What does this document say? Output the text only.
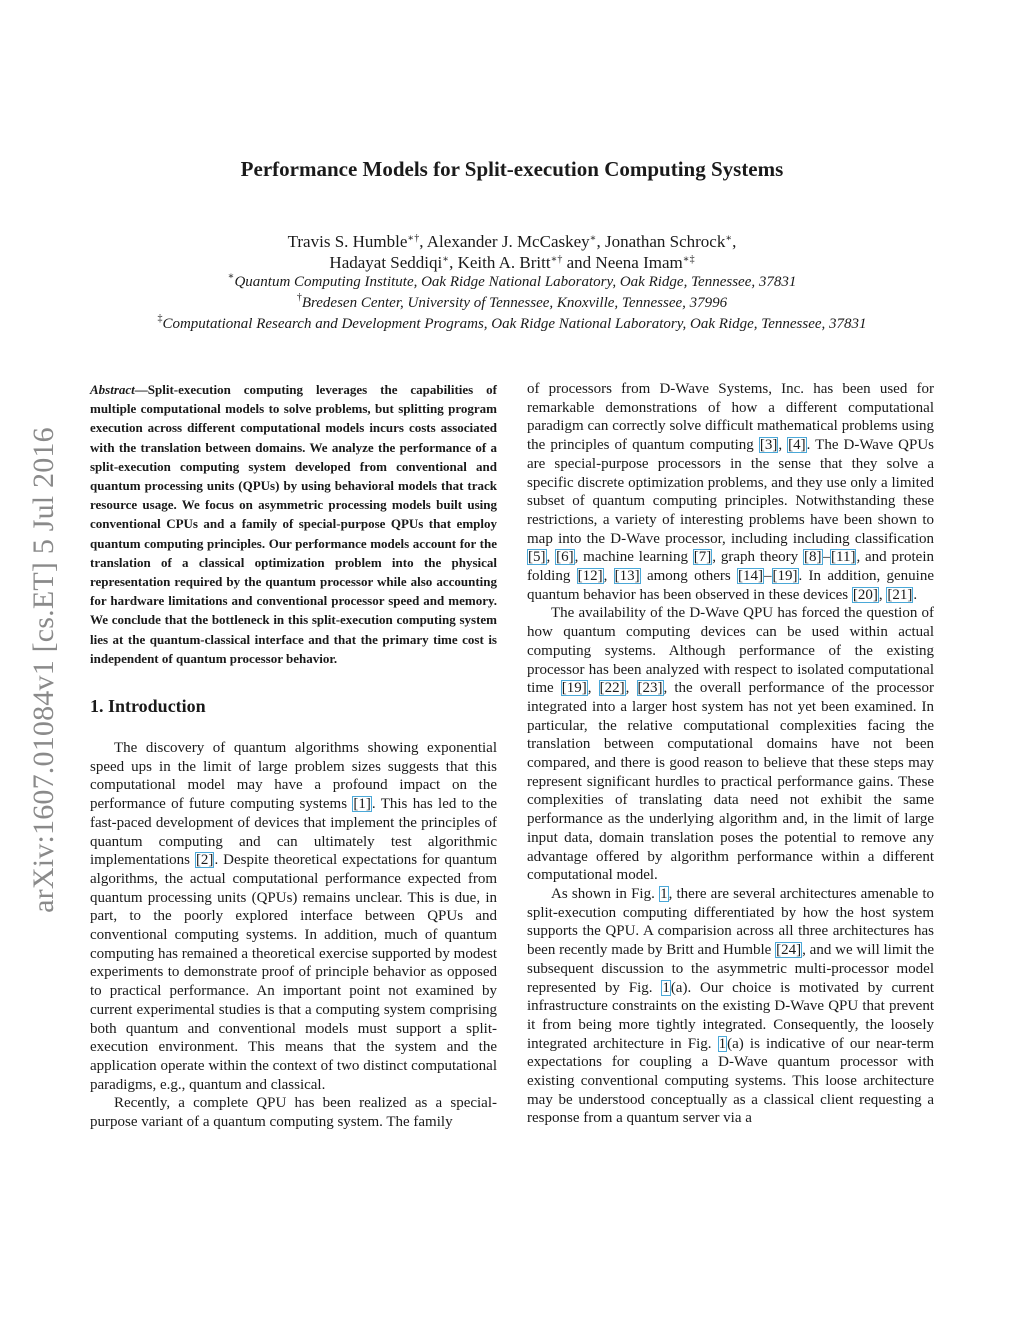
arXiv:1607.01084v1 [cs.ET] 5 Jul 2016
Performance Models for Split-execution Computing Systems
Travis S. Humble∗†, Alexander J. McCaskey∗, Jonathan Schrock∗,
Hadayat Seddiqi∗, Keith A. Britt∗† and Neena Imam∗‡
∗Quantum Computing Institute, Oak Ridge National Laboratory, Oak Ridge, Tennessee, 37831
†Bredesen Center, University of Tennessee, Knoxville, Tennessee, 37996
‡Computational Research and Development Programs, Oak Ridge National Laboratory, Oak Ridge, Tennessee, 37831

Abstract—Split-execution computing leverages the capabilities of multiple computational models to solve problems, but splitting program execution across different computational models incurs costs associated with the translation between domains. We analyze the performance of a split-execution computing system developed from conventional and quantum processing units (QPUs) by using behavioral models that track resource usage. We focus on asymmetric processing models built using conventional CPUs and a family of special-purpose QPUs that employ quantum computing principles. Our performance models account for the translation of a classical optimization problem into the physical representation required by the quantum processor while also accounting for hardware limitations and conventional processor speed and memory. We conclude that the bottleneck in this split-execution computing system lies at the quantum-classical interface and that the primary time cost is independent of quantum processor behavior.

1. Introduction

The discovery of quantum algorithms showing exponential speed ups in the limit of large problem sizes suggests that this computational model may have a profound impact on the performance of future computing systems [1]. This has led to the fast-paced development of devices that implement the principles of quantum computing and can ultimately test algorithmic implementations [2]. Despite theoretical expectations for quantum algorithms, the actual computational performance expected from quantum processing units (QPUs) remains unclear. This is due, in part, to the poorly explored interface between QPUs and conventional computing systems. In addition, much of quantum computing has remained a theoretical exercise supported by modest experiments to demonstrate proof of principle behavior as opposed to practical performance. An important point not examined by current experimental studies is that a computing system comprising both quantum and conventional models must support a split-execution environment. This means that the system and the application operate within the context of two distinct computational paradigms, e.g., quantum and classical.

Recently, a complete QPU has been realized as a special-purpose variant of a quantum computing system. The family

of processors from D-Wave Systems, Inc. has been used for remarkable demonstrations of how a different computational paradigm can correctly solve difficult mathematical problems using the principles of quantum computing [3], [4]. The D-Wave QPUs are special-purpose processors in the sense that they solve a specific discrete optimization problems, and they use only a limited subset of quantum computing principles. Notwithstanding these restrictions, a variety of interesting problems have been shown to map into the D-Wave processor, including including classification [5], [6], machine learning [7], graph theory [8]–[11], and protein folding [12], [13] among others [14]–[19]. In addition, genuine quantum behavior has been observed in these devices [20], [21].

The availability of the D-Wave QPU has forced the question of how quantum computing devices can be used within actual computing systems. Although performance of the existing processor has been analyzed with respect to isolated computational time [19], [22], [23], the overall performance of the processor integrated into a larger host system has not yet been examined. In particular, the relative computational complexities facing the translation between computational domains have not been compared, and there is good reason to believe that these steps may represent significant hurdles to practical performance gains. These complexities of translating data need not exhibit the same performance as the underlying algorithm and, in the limit of large input data, domain translation poses the potential to remove any advantage offered by algorithm performance within a different computational model.

As shown in Fig. 1, there are several architectures amenable to split-execution computing differentiated by how the host system supports the QPU. A comparision across all three architectures has been recently made by Britt and Humble [24], and we will limit the subsequent discussion to the asymmetric multi-processor model represented by Fig. 1(a). Our choice is motivated by current infrastructure constraints on the existing D-Wave QPU that prevent it from being more tightly integrated. Consequently, the loosely integrated architecture in Fig. 1(a) is indicative of our near-term expectations for coupling a D-Wave quantum processor with existing conventional computing systems. This loose architecture may be understood conceptually as a classical client requesting a response from a quantum server via a
